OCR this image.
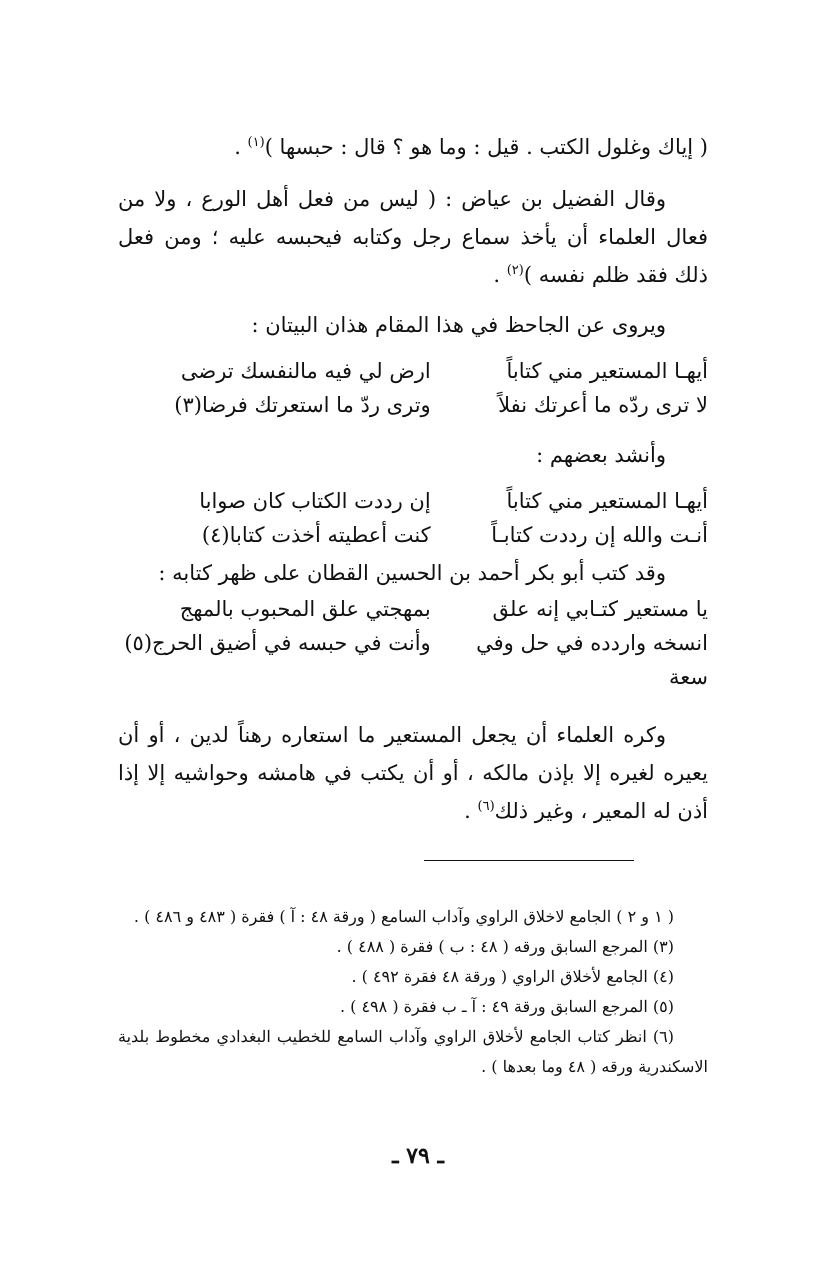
( إياك وغلول الكتب . قيل : وما هو ؟ قال : حبسها )$^{(١)}$ .

وقال الفضيل بن عياض : ( ليس من فعل أهل الورع ، ولا من فعال العلماء أن يأخذ سماع رجل وكتابه فيحبسه عليه ؛ ومن فعل ذلك فقد ظلم نفسه )$^{(٢)}$ .

ويروى عن الجاحظ في هذا المقام هذان البيتان :

أيهـا المستعير مني كتاباً
ارض لي فيه مالنفسك ترضى
لا ترى ردّه ما أعرتك نفلاً
وترى ردّ ما استعرتك فرضا(٣)

وأنشد بعضهم :

أيهـا المستعير مني كتاباً
إن رددت الكتاب كان صوابا
أنـت والله إن رددت كتابـاً
كنت أعطيته أخذت كتابا(٤)

وقد كتب أبو بكر أحمد بن الحسين القطان على ظهر كتابه :

يا مستعير كتـابي إنه علق
بمهجتي علق المحبوب بالمهج
انسخه واردده في حل وفي سعة
وأنت في حبسه في أضيق الحرج(٥)

وكره العلماء أن يجعل المستعير ما استعاره رهناً لدين ، أو أن يعيره لغيره إلا بإذن مالكه ، أو أن يكتب في هامشه وحواشيه إلا إذا أذن له المعير ، وغير ذلك$^{(٦)}$ .

( ١ و ٢ ) الجامع لاخلاق الراوي وآداب السامع ( ورقة ٤٨ : آ ) فقرة ( ٤٨٣ و ٤٨٦ ) .

(٣) المرجع السابق ورقه ( ٤٨ : ب ) فقرة ( ٤٨٨ ) .

(٤) الجامع لأخلاق الراوي ( ورقة ٤٨ فقرة ٤٩٢ ) .

(٥) المرجع السابق ورقة ٤٩ : آ ـ ب فقرة ( ٤٩٨ ) .

(٦) انظر كتاب الجامع لأخلاق الراوي وآداب السامع للخطيب البغدادي مخطوط بلدية الاسكندرية ورقه ( ٤٨ وما بعدها ) .

ـ ٧٩ ـ
